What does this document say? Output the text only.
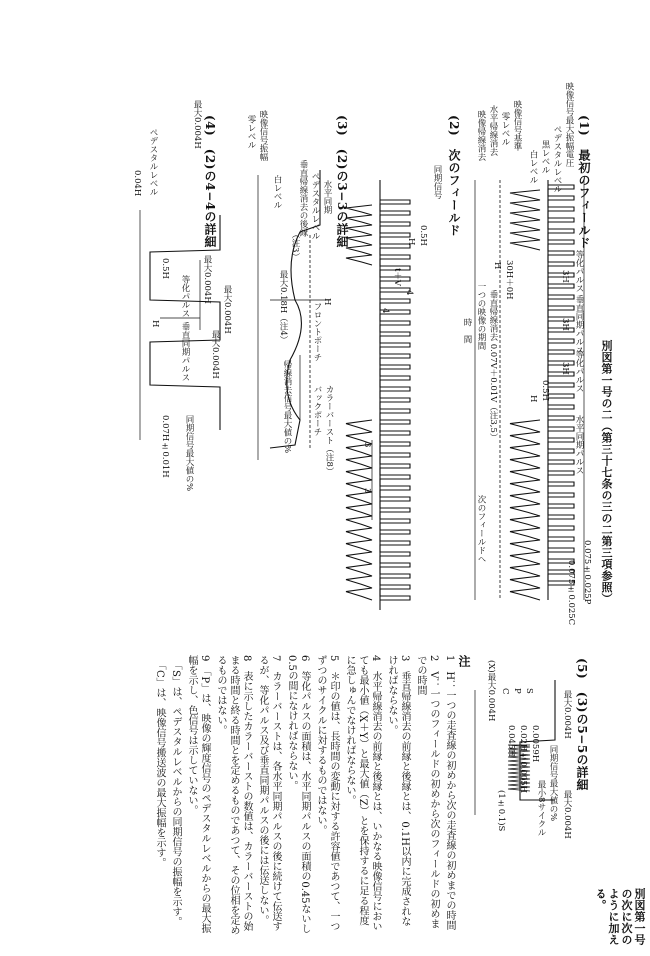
別図第一号の次に次のように加える。
別図第一号の二（第三十七条の三の二第三項参照）
(1)　最初のフィールド
(2)　次のフィールド
(3)　(2)の3−3の詳細
(4)　(2)の4−4の詳細
(5)　(3)の5−5の詳細
映像信号最大振幅電圧
ペデスタルレベル
黒レベル
白レベル
映像信号基準
零レベル
水平帰線消去
映像帰線消去
等化パルス
垂直同期パルス
等化パルス
水平同期パルス
3H
3H
3H
垂直帰線消去 0.07V＋0.01V（注3,5）
一つの映像の期間
時　間
0.5H
H
次のフィールドへ
H 30H＋0H
0.075±0.025P
0.075±0.025C
同期信号
0.5H
H
t＋V
4
4
3
3
水平同期
ペデスタルレベル
垂直帰線消去の後縁
白レベル
映像信号振幅
零レベル
H
フロントポーチ
バックポーチ カラーバースト（注8）
最大0.18H（注4）
（注3）
帰線消去信号最大値の%
最大0.004H
ペデスタルレベル
0.04H
最大0.004H
最大0.004H
等化パルス
0.5H
垂直同期パルス 最大0.004H
同期信号最大値の%
0.07H±0.01H
H
最大0.004H
同期信号最大値の% 最大0.004H
最小8サイクル
S
P
C
(X)最大0.004H
0.0059H
0.02H±0.005H
0.045H
(1±0.1)S
注
1　H：一つの走査線の初めから次の走査線の初めまでの時間
2　V：一つのフィールドの初めから次のフィールドの初めまでの時間
3　垂直帰線消去の前縁と後縁とは、0.1H以内に完成されなければならない。
4　水平帰線消去の前縁と後縁とは、いかなる映像信号においても最小値（X＋Y）と最大値（Z）とを保持するに足る程度に急しゅんでなければならない。
5　＊印の値は、長時間の変動に対する許容値であつて、一つずつのサイクルに対するものではない。
6　等化パルスの面積は、水平同期パルスの面積の0.45ないし0.5の間になければならない。
7　カラーバーストは、各水平同期パルスの後に続けて伝送するが、等化パルス及び垂直同期パルスの後には伝送しない。
8　表に示したカラーバーストの数値は、カラーバーストの始まる時間と終る時間とを定めるものであつて、その位相を定めるものではない。
9　「P」は、映像の輝度信号のペデスタルレベルからの最大振幅を示し、色信号は示していない。
　「S」は、ペデスタルレベルからの同期信号の振幅を示す。
　「C」は、映像信号搬送波の最大振幅を示す。
